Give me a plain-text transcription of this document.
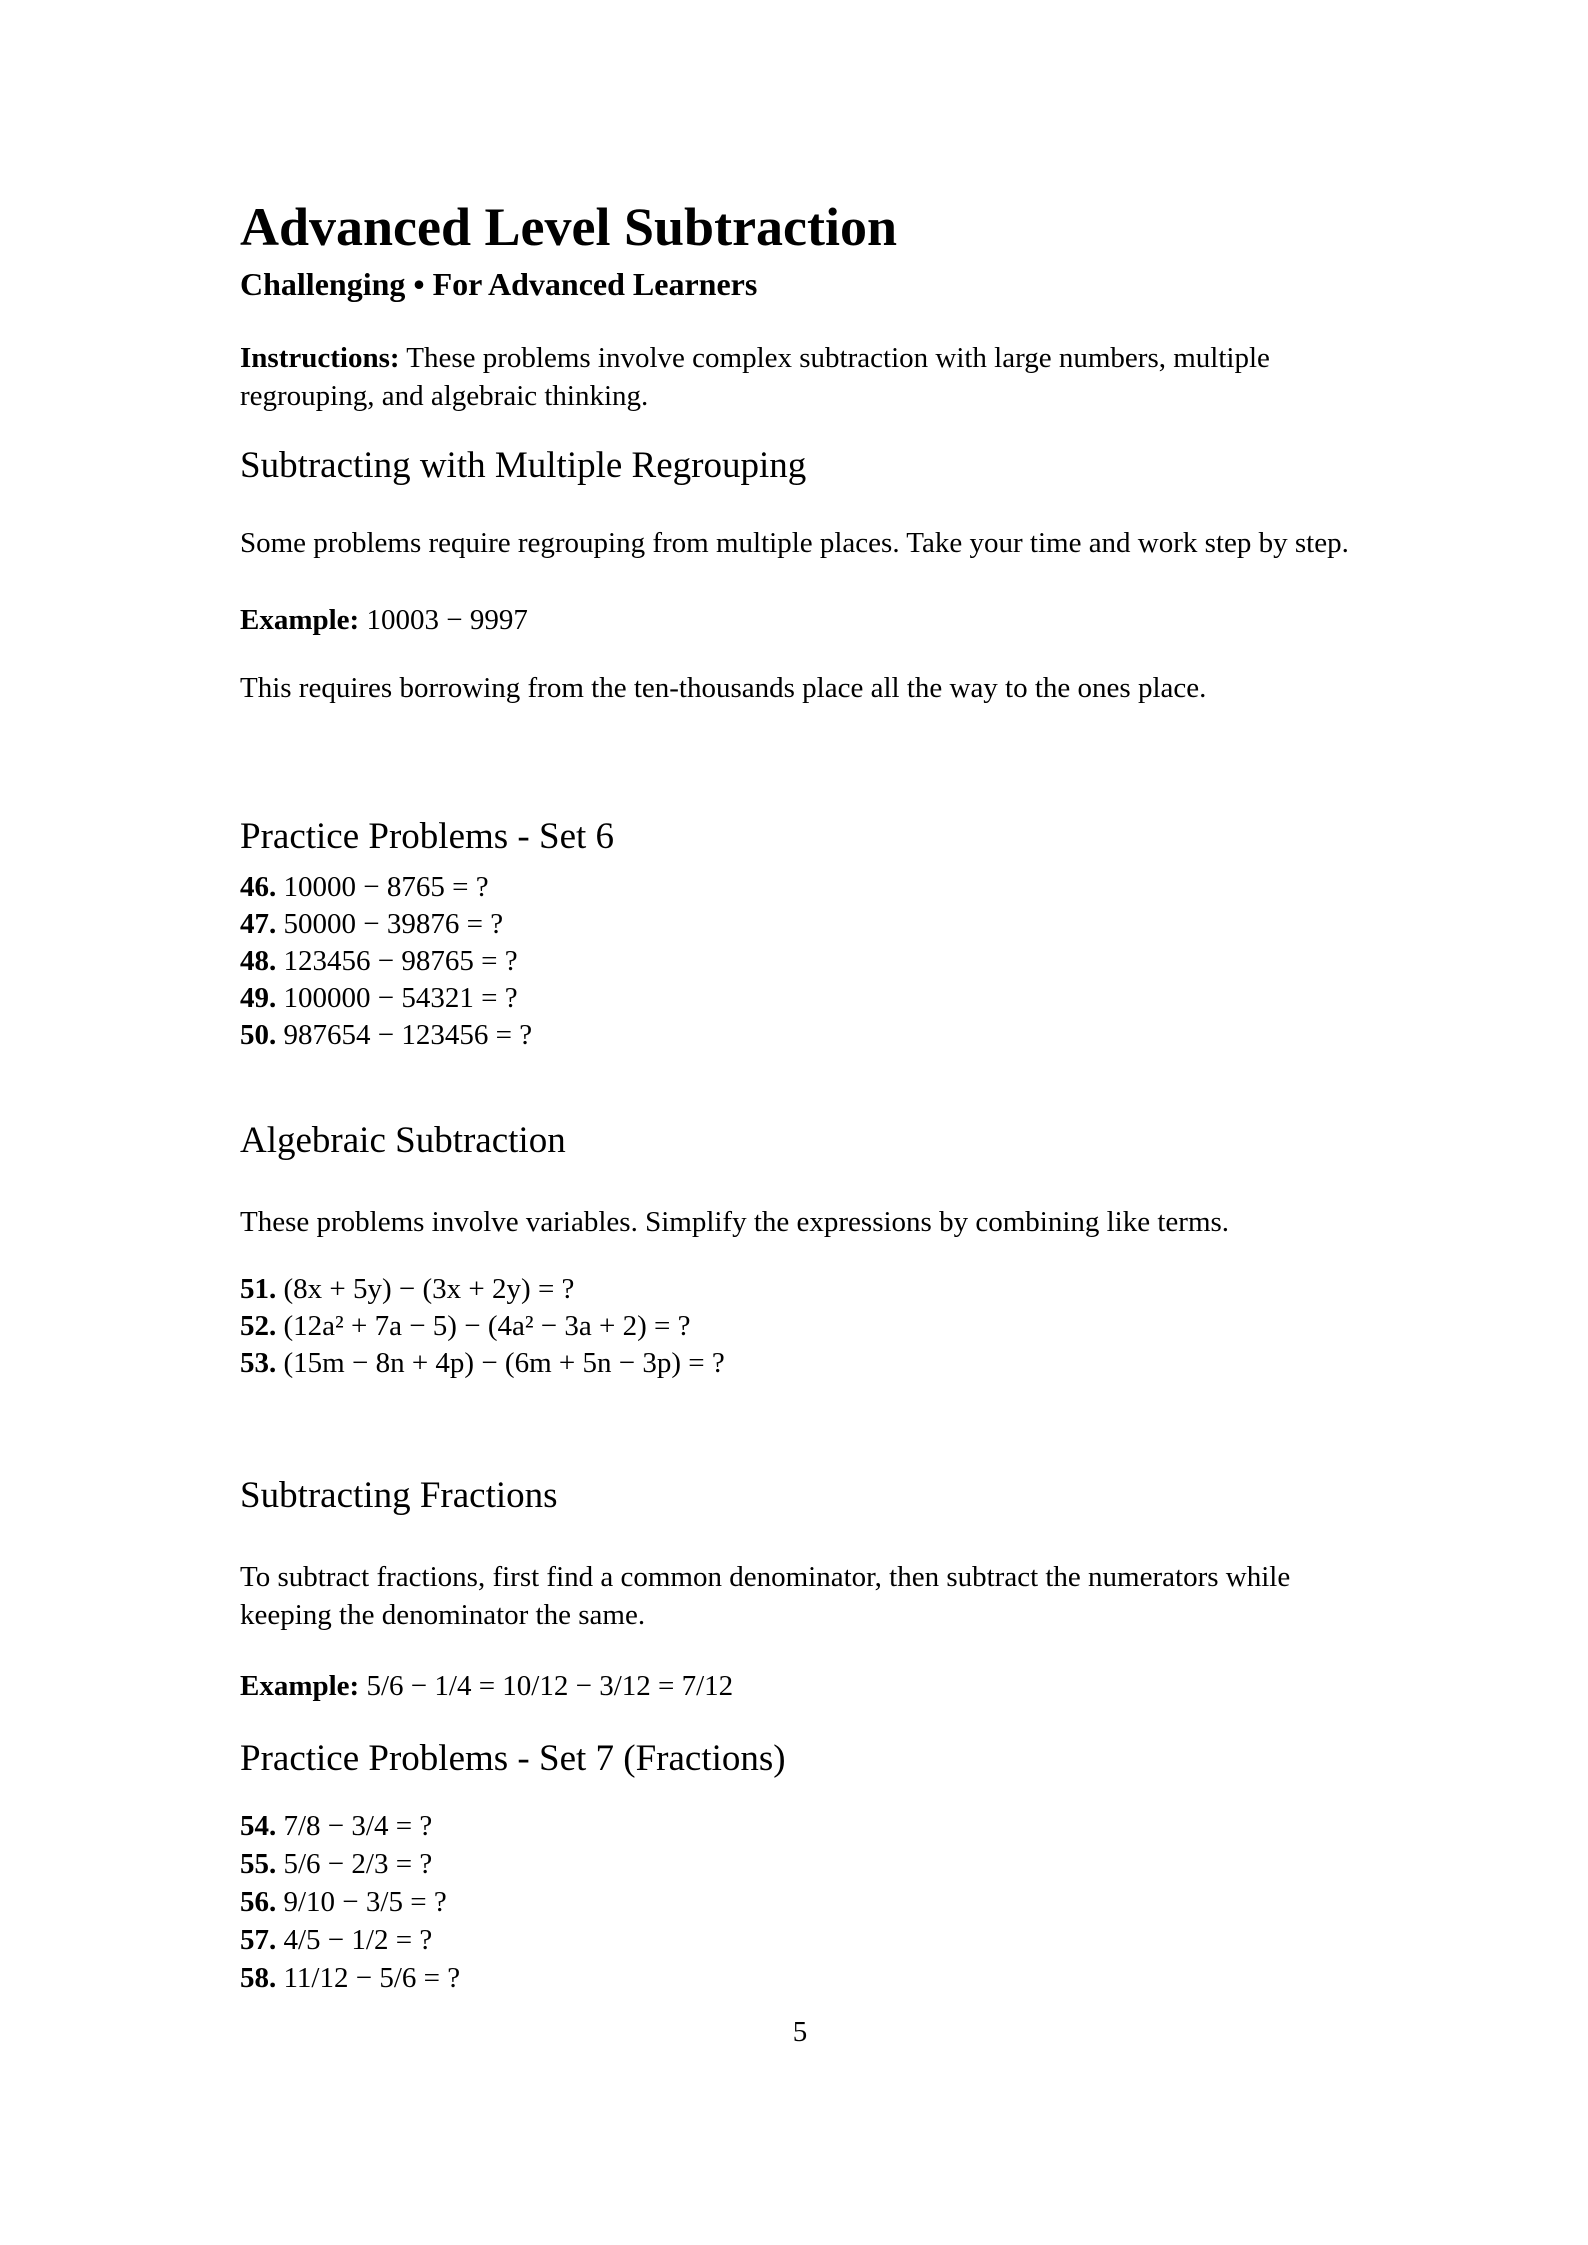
Advanced Level Subtraction
Challenging • For Advanced Learners

Instructions: These problems involve complex subtraction with large numbers, multiple regrouping, and algebraic thinking.

Subtracting with Multiple Regrouping

Some problems require regrouping from multiple places. Take your time and work step by step.

Example: 10003 − 9997

This requires borrowing from the ten-thousands place all the way to the ones place.

Practice Problems - Set 6
46. 10000 − 8765 = ?
47. 50000 − 39876 = ?
48. 123456 − 98765 = ?
49. 100000 − 54321 = ?
50. 987654 − 123456 = ?
Algebraic Subtraction

These problems involve variables. Simplify the expressions by combining like terms.

51. (8x + 5y) − (3x + 2y) = ?
52. (12a² + 7a − 5) − (4a² − 3a + 2) = ?
53. (15m − 8n + 4p) − (6m + 5n − 3p) = ?
Subtracting Fractions

To subtract fractions, first find a common denominator, then subtract the numerators while keeping the denominator the same.

Example: 5/6 − 1/4 = 10/12 − 3/12 = 7/12

Practice Problems - Set 7 (Fractions)
54. 7/8 − 3/4 = ?
55. 5/6 − 2/3 = ?
56. 9/10 − 3/5 = ?
57. 4/5 − 1/2 = ?
58. 11/12 − 5/6 = ?
5
